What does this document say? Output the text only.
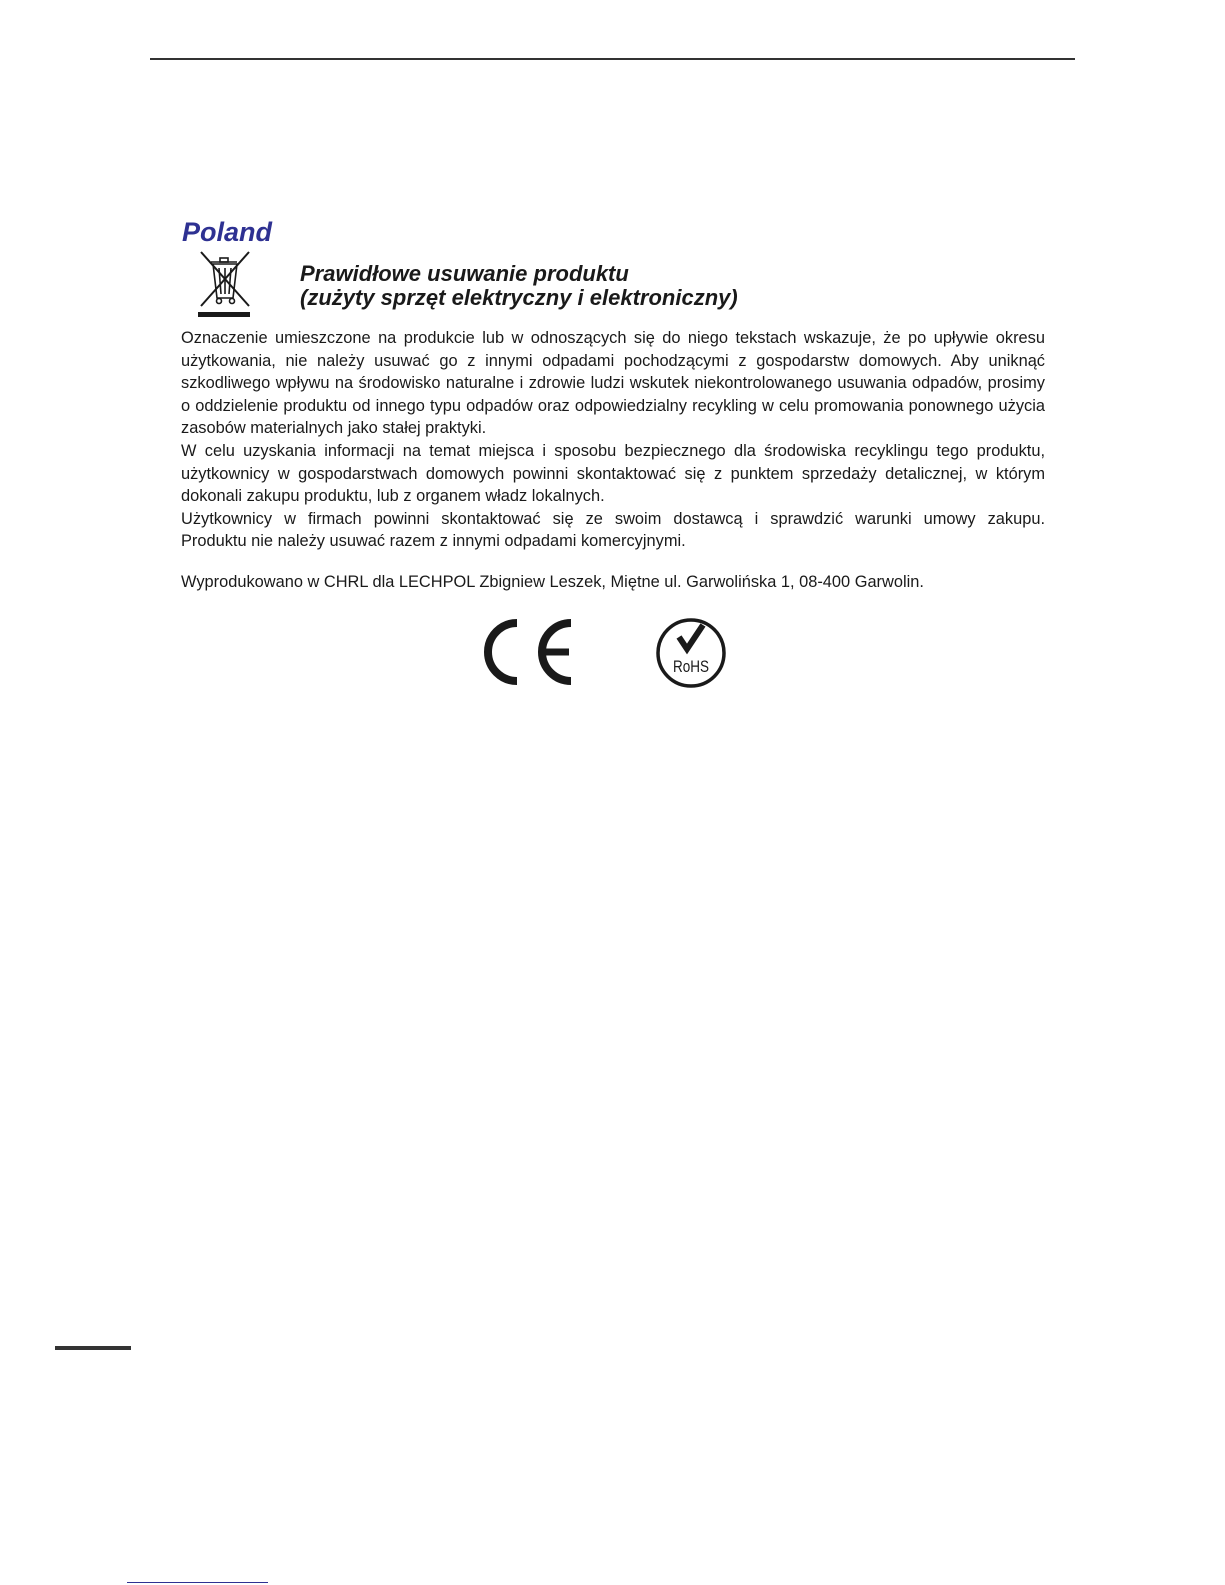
Poland
Prawidłowe usuwanie produktu
(zużyty sprzęt elektryczny i elektroniczny)

Oznaczenie umieszczone na produkcie lub w odnoszących się do niego tekstach wskazuje, że po upływie okresu użytkowania, nie należy usuwać go z innymi odpadami pochodzącymi z gospodarstw domowych. Aby uniknąć szkodliwego wpływu na środowisko naturalne i zdrowie ludzi wskutek niekontrolowanego usuwania odpadów, prosimy o oddzielenie produktu od innego typu odpadów oraz odpowiedzialny recykling w celu promowania ponownego użycia zasobów materialnych jako stałej praktyki.

W celu uzyskania informacji na temat miejsca i sposobu bezpiecznego dla środowiska recyklingu tego produktu, użytkownicy w gospodarstwach domowych powinni skontaktować się z punktem sprzedaży detalicznej, w którym dokonali zakupu produktu, lub z organem władz lokalnych.

Użytkownicy w firmach powinni skontaktować się ze swoim dostawcą i sprawdzić warunki umowy zakupu.

Produktu nie należy usuwać razem z innymi odpadami komercyjnymi.

Wyprodukowano w CHRL dla LECHPOL Zbigniew Leszek, Miętne ul. Garwolińska 1, 08-400 Garwolin.
RoHS
